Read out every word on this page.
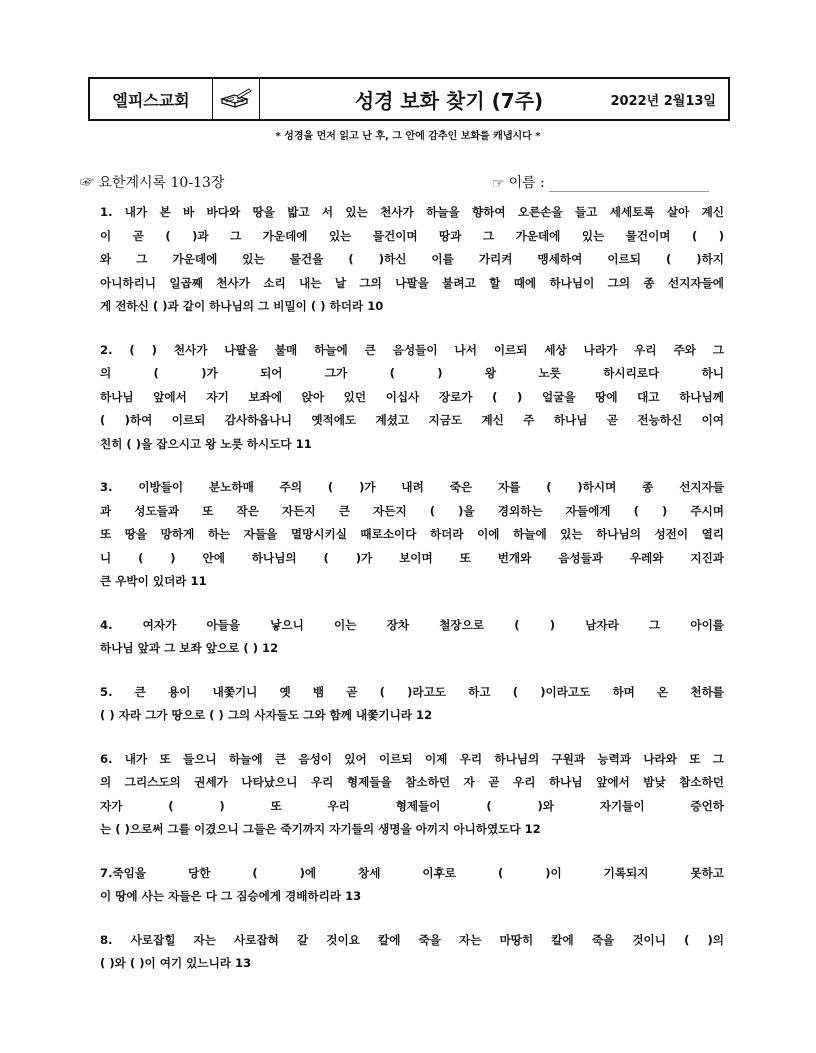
엘피스교회	성경 보화 찾기 (7주)	2022년 2월13일
* 성경을 먼저 읽고 난 후, 그 안에 감추인 보화를 캐냅시다 *
☞ 요한계시록 10-13장	☞ 이름 :
1. 내가 본 바 바다와 땅을 밟고 서 있는 천사가 하늘을 향하여 오른손을 들고 세세토록 살아 계신
이 곧 ( )과 그 가운데에 있는 물건이며 땅과 그 가운데에 있는 물건이며 ( )
와 그 가운데에 있는 물건을 ( )하신 이를 가리켜 맹세하여 이르되 ( )하지
아니하리니 일곱째 천사가 소리 내는 날 그의 나팔을 불려고 할 때에 하나님이 그의 종 선지자들에
게 전하신 ( )과 같이 하나님의 그 비밀이 ( ) 하더라 10
2. ( ) 천사가 나팔을 불매 하늘에 큰 음성들이 나서 이르되 세상 나라가 우리 주와 그
의 ( )가 되어 그가 ( ) 왕 노릇 하시리로다 하니
하나님 앞에서 자기 보좌에 앉아 있던 이십사 장로가 ( ) 얼굴을 땅에 대고 하나님께
( )하여 이르되 감사하옵나니 옛적에도 계셨고 지금도 계신 주 하나님 곧 전능하신 이여
친히 ( )을 잡으시고 왕 노릇 하시도다 11
3. 이방들이 분노하매 주의 ( )가 내려 죽은 자를 ( )하시며 종 선지자들
과 성도들과 또 작은 자든지 큰 자든지 ( )을 경외하는 자들에게 ( ) 주시며
또 땅을 망하게 하는 자들을 멸망시키실 때로소이다 하더라 이에 하늘에 있는 하나님의 성전이 열리
니 ( ) 안에 하나님의 ( )가 보이며 또 번개와 음성들과 우레와 지진과
큰 우박이 있더라 11
4. 여자가 아들을 낳으니 이는 장차 철장으로 ( ) 남자라 그 아이를
하나님 앞과 그 보좌 앞으로 ( ) 12
5. 큰 용이 내쫓기니 옛 뱀 곧 ( )라고도 하고 ( )이라고도 하며 온 천하를
( ) 자라 그가 땅으로 ( ) 그의 사자들도 그와 함께 내쫓기니라 12
6. 내가 또 들으니 하늘에 큰 음성이 있어 이르되 이제 우리 하나님의 구원과 능력과 나라와 또 그
의 그리스도의 권세가 나타났으니 우리 형제들을 참소하던 자 곧 우리 하나님 앞에서 밤낮 참소하던
자가 ( ) 또 우리 형제들이 ( )와 자기들이 증언하
는 ( )으로써 그를 이겼으니 그들은 죽기까지 자기들의 생명을 아끼지 아니하였도다 12
7.죽임을 당한 ( )에 창세 이후로 ( )이 기록되지 못하고
이 땅에 사는 자들은 다 그 짐승에게 경배하리라 13
8. 사로잡힐 자는 사로잡혀 갈 것이요 칼에 죽을 자는 마땅히 칼에 죽을 것이니 ( )의
( )와 ( )이 여기 있느니라 13
